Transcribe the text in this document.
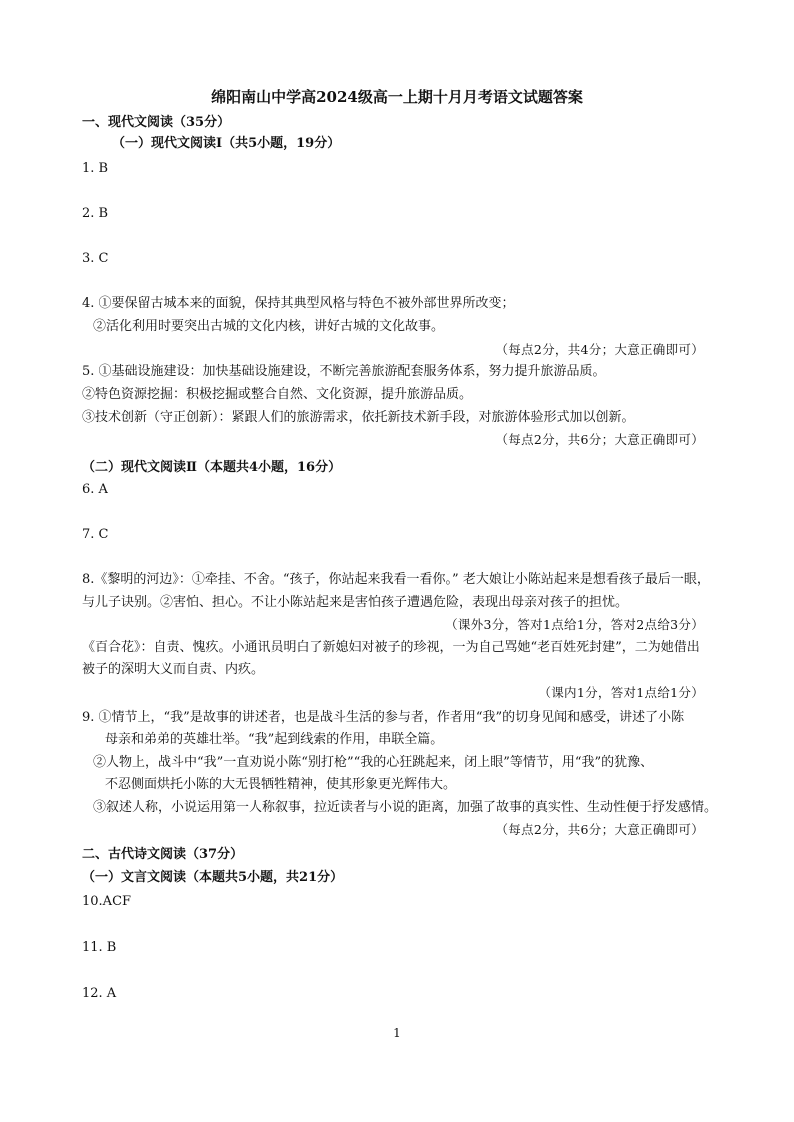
绵阳南山中学高2024级高一上期十月月考语文试题答案
一、现代文阅读（35分）
（一）现代文阅读Ⅰ（共5小题，19分）
1. B
2. B
3. C
4. ①要保留古城本来的面貌，保持其典型风格与特色不被外部世界所改变；
②活化利用时要突出古城的文化内核，讲好古城的文化故事。
（每点2分，共4分；大意正确即可）
5. ①基础设施建设：加快基础设施建设，不断完善旅游配套服务体系，努力提升旅游品质。
②特色资源挖掘：积极挖掘或整合自然、文化资源，提升旅游品质。
③技术创新（守正创新）：紧跟人们的旅游需求，依托新技术新手段，对旅游体验形式加以创新。
（每点2分，共6分；大意正确即可）
（二）现代文阅读Ⅱ（本题共4小题，16分）
6. A
7. C
8.《黎明的河边》：①牵挂、不舍。“孩子，你站起来我看一看你。” 老大娘让小陈站起来是想看孩子最后一眼，
与儿子诀别。②害怕、担心。不让小陈站起来是害怕孩子遭遇危险，表现出母亲对孩子的担忧。
（课外3分，答对1点给1分，答对2点给3分）
《百合花》：自责、愧疚。小通讯员明白了新媳妇对被子的珍视，一为自己骂她“老百姓死封建”，二为她借出
被子的深明大义而自责、内疚。
（课内1分，答对1点给1分）
9. ①情节上，“我”是故事的讲述者，也是战斗生活的参与者，作者用“我”的切身见闻和感受，讲述了小陈
母亲和弟弟的英雄壮举。“我”起到线索的作用，串联全篇。
②人物上，战斗中“我”一直劝说小陈“别打枪”“我的心狂跳起来，闭上眼”等情节，用“我”的犹豫、
不忍侧面烘托小陈的大无畏牺牲精神，使其形象更光辉伟大。
③叙述人称，小说运用第一人称叙事，拉近读者与小说的距离，加强了故事的真实性、生动性便于抒发感情。
（每点2分，共6分；大意正确即可）
二、古代诗文阅读（37分）
（一）文言文阅读（本题共5小题，共21分）
10.ACF
11. B
12. A
1
